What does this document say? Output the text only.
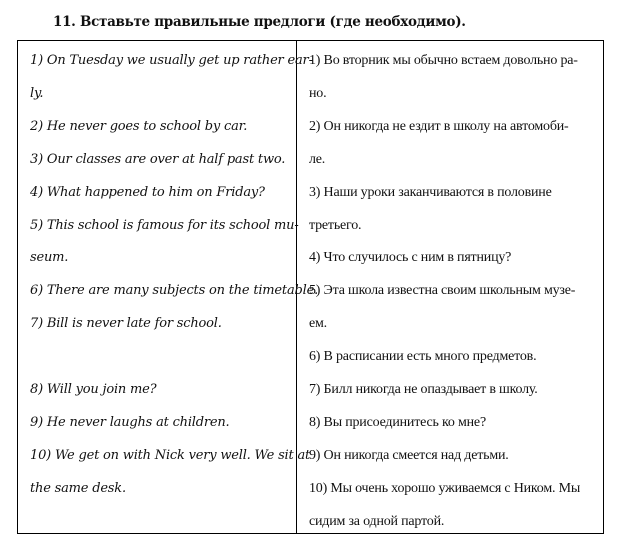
11. Вставьте правильные предлоги (где необходимо).
1) On Tuesday we usually get up rather ear-
ly.
2) He never goes to school by car.
3) Our classes are over at half past two.
4) What happened to him on Friday?
5) This school is famous for its school mu-
seum.
6) There are many subjects on the timetable.
7) Bill is never late for school.
8) Will you join me?
9) He never laughs at children.
10) We get on with Nick very well. We sit at
the same desk.
1) Во вторник мы обычно встаем довольно ра-
но.
2) Он никогда не ездит в школу на автомоби-
ле.
3) Наши уроки заканчиваются в половине
третьего.
4) Что случилось с ним в пятницу?
5) Эта школа известна своим школьным музе-
ем.
6) В расписании есть много предметов.
7) Билл никогда не опаздывает в школу.
8) Вы присоединитесь ко мне?
9) Он никогда смеется над детьми.
10) Мы очень хорошо уживаемся с Ником. Мы
сидим за одной партой.
